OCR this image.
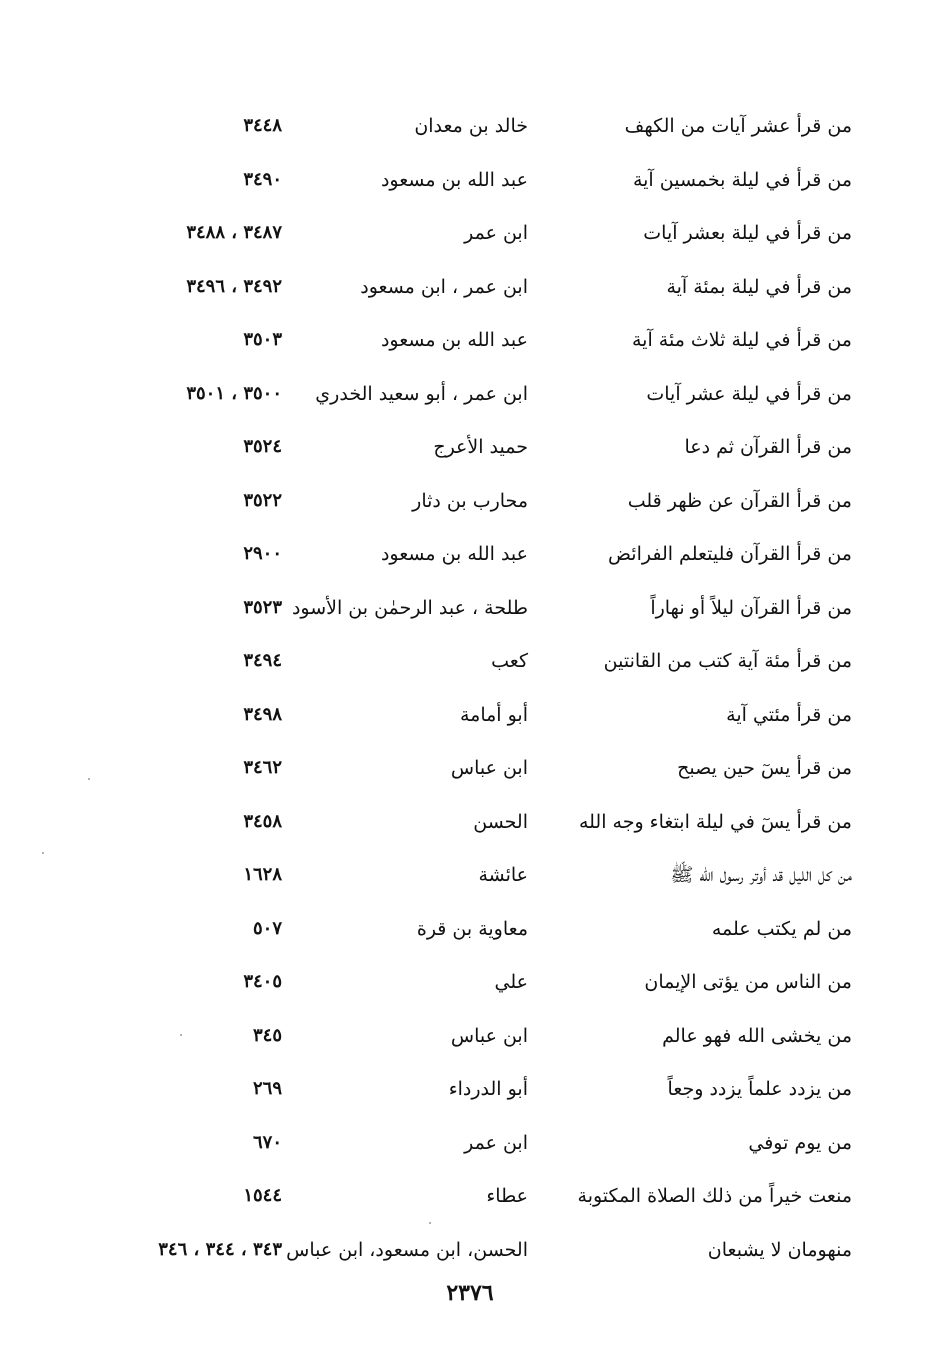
من قرأ عشر آيات من الكهف
خالد بن معدان
٣٤٤٨
من قرأ في ليلة بخمسين آية
عبد الله بن مسعود
٣٤٩٠
من قرأ في ليلة بعشر آيات
ابن عمر
٣٤٨٧ ، ٣٤٨٨
من قرأ في ليلة بمئة آية
ابن عمر ، ابن مسعود
٣٤٩٢ ، ٣٤٩٦
من قرأ في ليلة ثلاث مئة آية
عبد الله بن مسعود
٣٥٠٣
من قرأ في ليلة عشر آيات
ابن عمر ، أبو سعيد الخدري
٣٥٠٠ ، ٣٥٠١
من قرأ القرآن ثم دعا
حميد الأعرج
٣٥٢٤
من قرأ القرآن عن ظهر قلب
محارب بن دثار
٣٥٢٢
من قرأ القرآن فليتعلم الفرائض
عبد الله بن مسعود
٢٩٠٠
من قرأ القرآن ليلاً أو نهاراً
طلحة ، عبد الرحمٰن بن الأسود
٣٥٢٣
من قرأ مئة آية كتب من القانتين
كعب
٣٤٩٤
من قرأ مئتي آية
أبو أمامة
٣٤٩٨
من قرأ يسٓ حين يصبح
ابن عباس
٣٤٦٢
من قرأ يسٓ في ليلة ابتغاء وجه الله
الحسن
٣٤٥٨
من كل الليل قد أوتر رسول الله ﷺ
عائشة
١٦٢٨
من لم يكتب علمه
معاوية بن قرة
٥٠٧
من الناس من يؤتى الإيمان
علي
٣٤٠٥
من يخشى الله فهو عالم
ابن عباس
٣٤٥
من يزدد علماً يزدد وجعاً
أبو الدرداء
٢٦٩
من يوم توفي
ابن عمر
٦٧٠
منعت خيراً من ذلك الصلاة المكتوبة
عطاء
١٥٤٤
منهومان لا يشبعان
الحسن، ابن مسعود، ابن عباس
٣٤٣ ، ٣٤٤ ، ٣٤٦
٢٣٧٦
